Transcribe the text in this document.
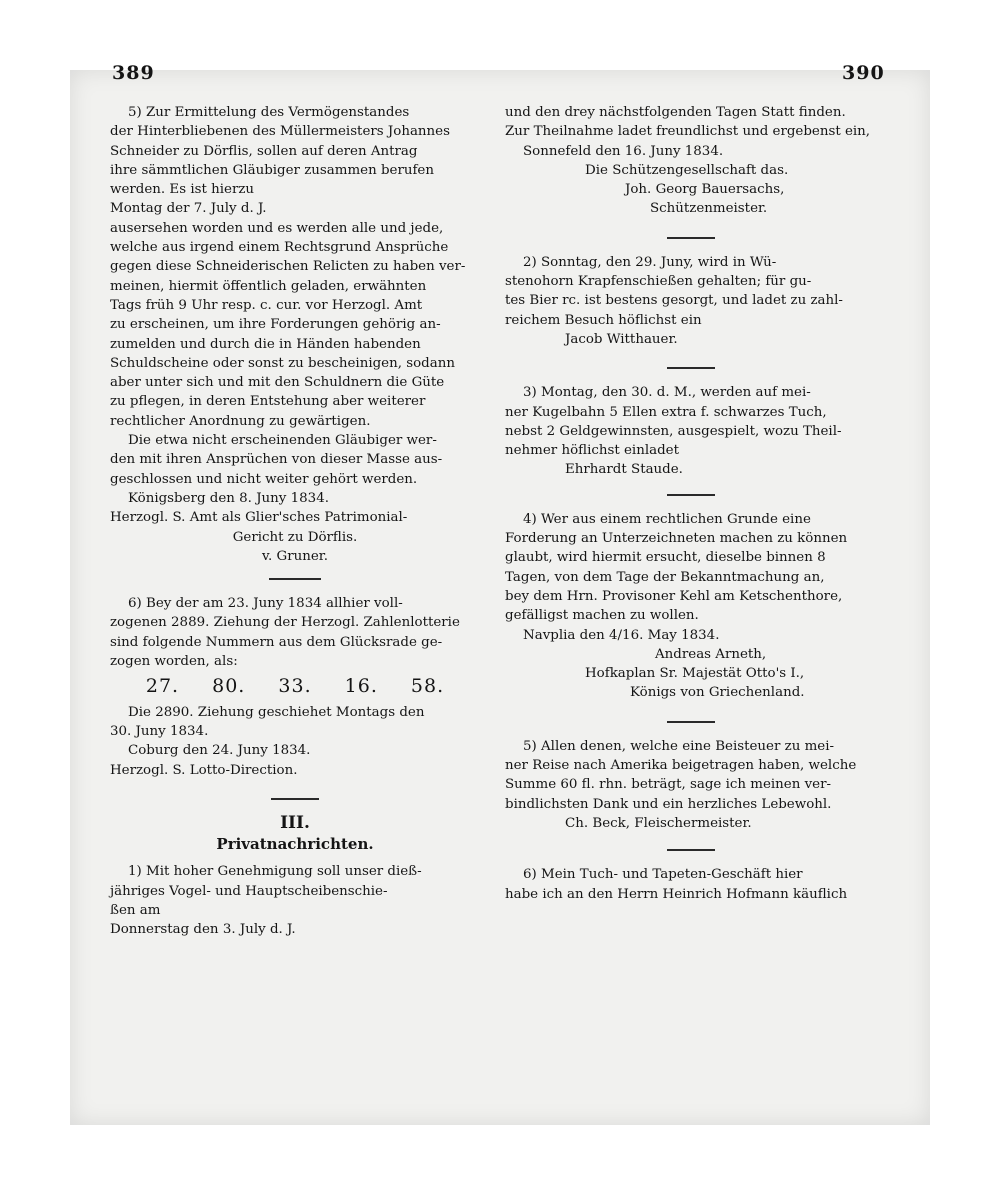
389	390

5) Zur Ermittelung des Vermögenstandes
der Hinterbliebenen des Müllermeisters Johannes
Schneider zu Dörflis, sollen auf deren Antrag
ihre sämmtlichen Gläubiger zusammen berufen
werden. Es ist hierzu

Montag der 7. July d. J.

ausersehen worden und es werden alle und jede,
welche aus irgend einem Rechtsgrund Ansprüche
gegen diese Schneiderischen Relicten zu haben ver-
meinen, hiermit öffentlich geladen, erwähnten
Tags früh 9 Uhr resp. c. cur. vor Herzogl. Amt
zu erscheinen, um ihre Forderungen gehörig an-
zumelden und durch die in Händen habenden
Schuldscheine oder sonst zu bescheinigen, sodann
aber unter sich und mit den Schuldnern die Güte
zu pflegen, in deren Entstehung aber weiterer
rechtlicher Anordnung zu gewärtigen.

Die etwa nicht erscheinenden Gläubiger wer-
den mit ihren Ansprüchen von dieser Masse aus-
geschlossen und nicht weiter gehört werden.

Königsberg den 8. Juny 1834.

Herzogl. S. Amt als Glier'sches Patrimonial-
Gericht zu Dörflis.
v. Gruner.

6) Bey der am 23. Juny 1834 allhier voll-
zogenen 2889. Ziehung der Herzogl. Zahlenlotterie
sind folgende Nummern aus dem Glücksrade ge-
zogen worden, als:

27. 80. 33. 16. 58.

Die 2890. Ziehung geschiehet Montags den
30. Juny 1834.

Coburg den 24. Juny 1834.

Herzogl. S. Lotto-Direction.

III.
Privatnachrichten.

1) Mit hoher Genehmigung soll unser dieß-
jähriges Vogel- und Hauptscheibenschie-
ßen am

Donnerstag den 3. July d. J.

und den drey nächstfolgenden Tagen Statt finden.
Zur Theilnahme ladet freundlichst und ergebenst ein,

Sonnefeld den 16. Juny 1834.

Die Schützengesellschaft das.
Joh. Georg Bauersachs,
Schützenmeister.

2) Sonntag, den 29. Juny, wird in Wü-
stenohorn Krapfenschießen gehalten; für gu-
tes Bier rc. ist bestens gesorgt, und ladet zu zahl-
reichem Besuch höflichst ein

Jacob Witthauer.

3) Montag, den 30. d. M., werden auf mei-
ner Kugelbahn 5 Ellen extra f. schwarzes Tuch,
nebst 2 Geldgewinnsten, ausgespielt, wozu Theil-
nehmer höflichst einladet

Ehrhardt Staude.

4) Wer aus einem rechtlichen Grunde eine
Forderung an Unterzeichneten machen zu können
glaubt, wird hiermit ersucht, dieselbe binnen 8
Tagen, von dem Tage der Bekanntmachung an,
bey dem Hrn. Provisoner Kehl am Ketschenthore,
gefälligst machen zu wollen.

Navplia den 4/16. May 1834.

Andreas Arneth,
Hofkaplan Sr. Majestät Otto's I.,
Königs von Griechenland.

5) Allen denen, welche eine Beisteuer zu mei-
ner Reise nach Amerika beigetragen haben, welche
Summe 60 fl. rhn. beträgt, sage ich meinen ver-
bindlichsten Dank und ein herzliches Lebewohl.

Ch. Beck, Fleischermeister.

6) Mein Tuch- und Tapeten-Geschäft hier
habe ich an den Herrn Heinrich Hofmann käuflich
